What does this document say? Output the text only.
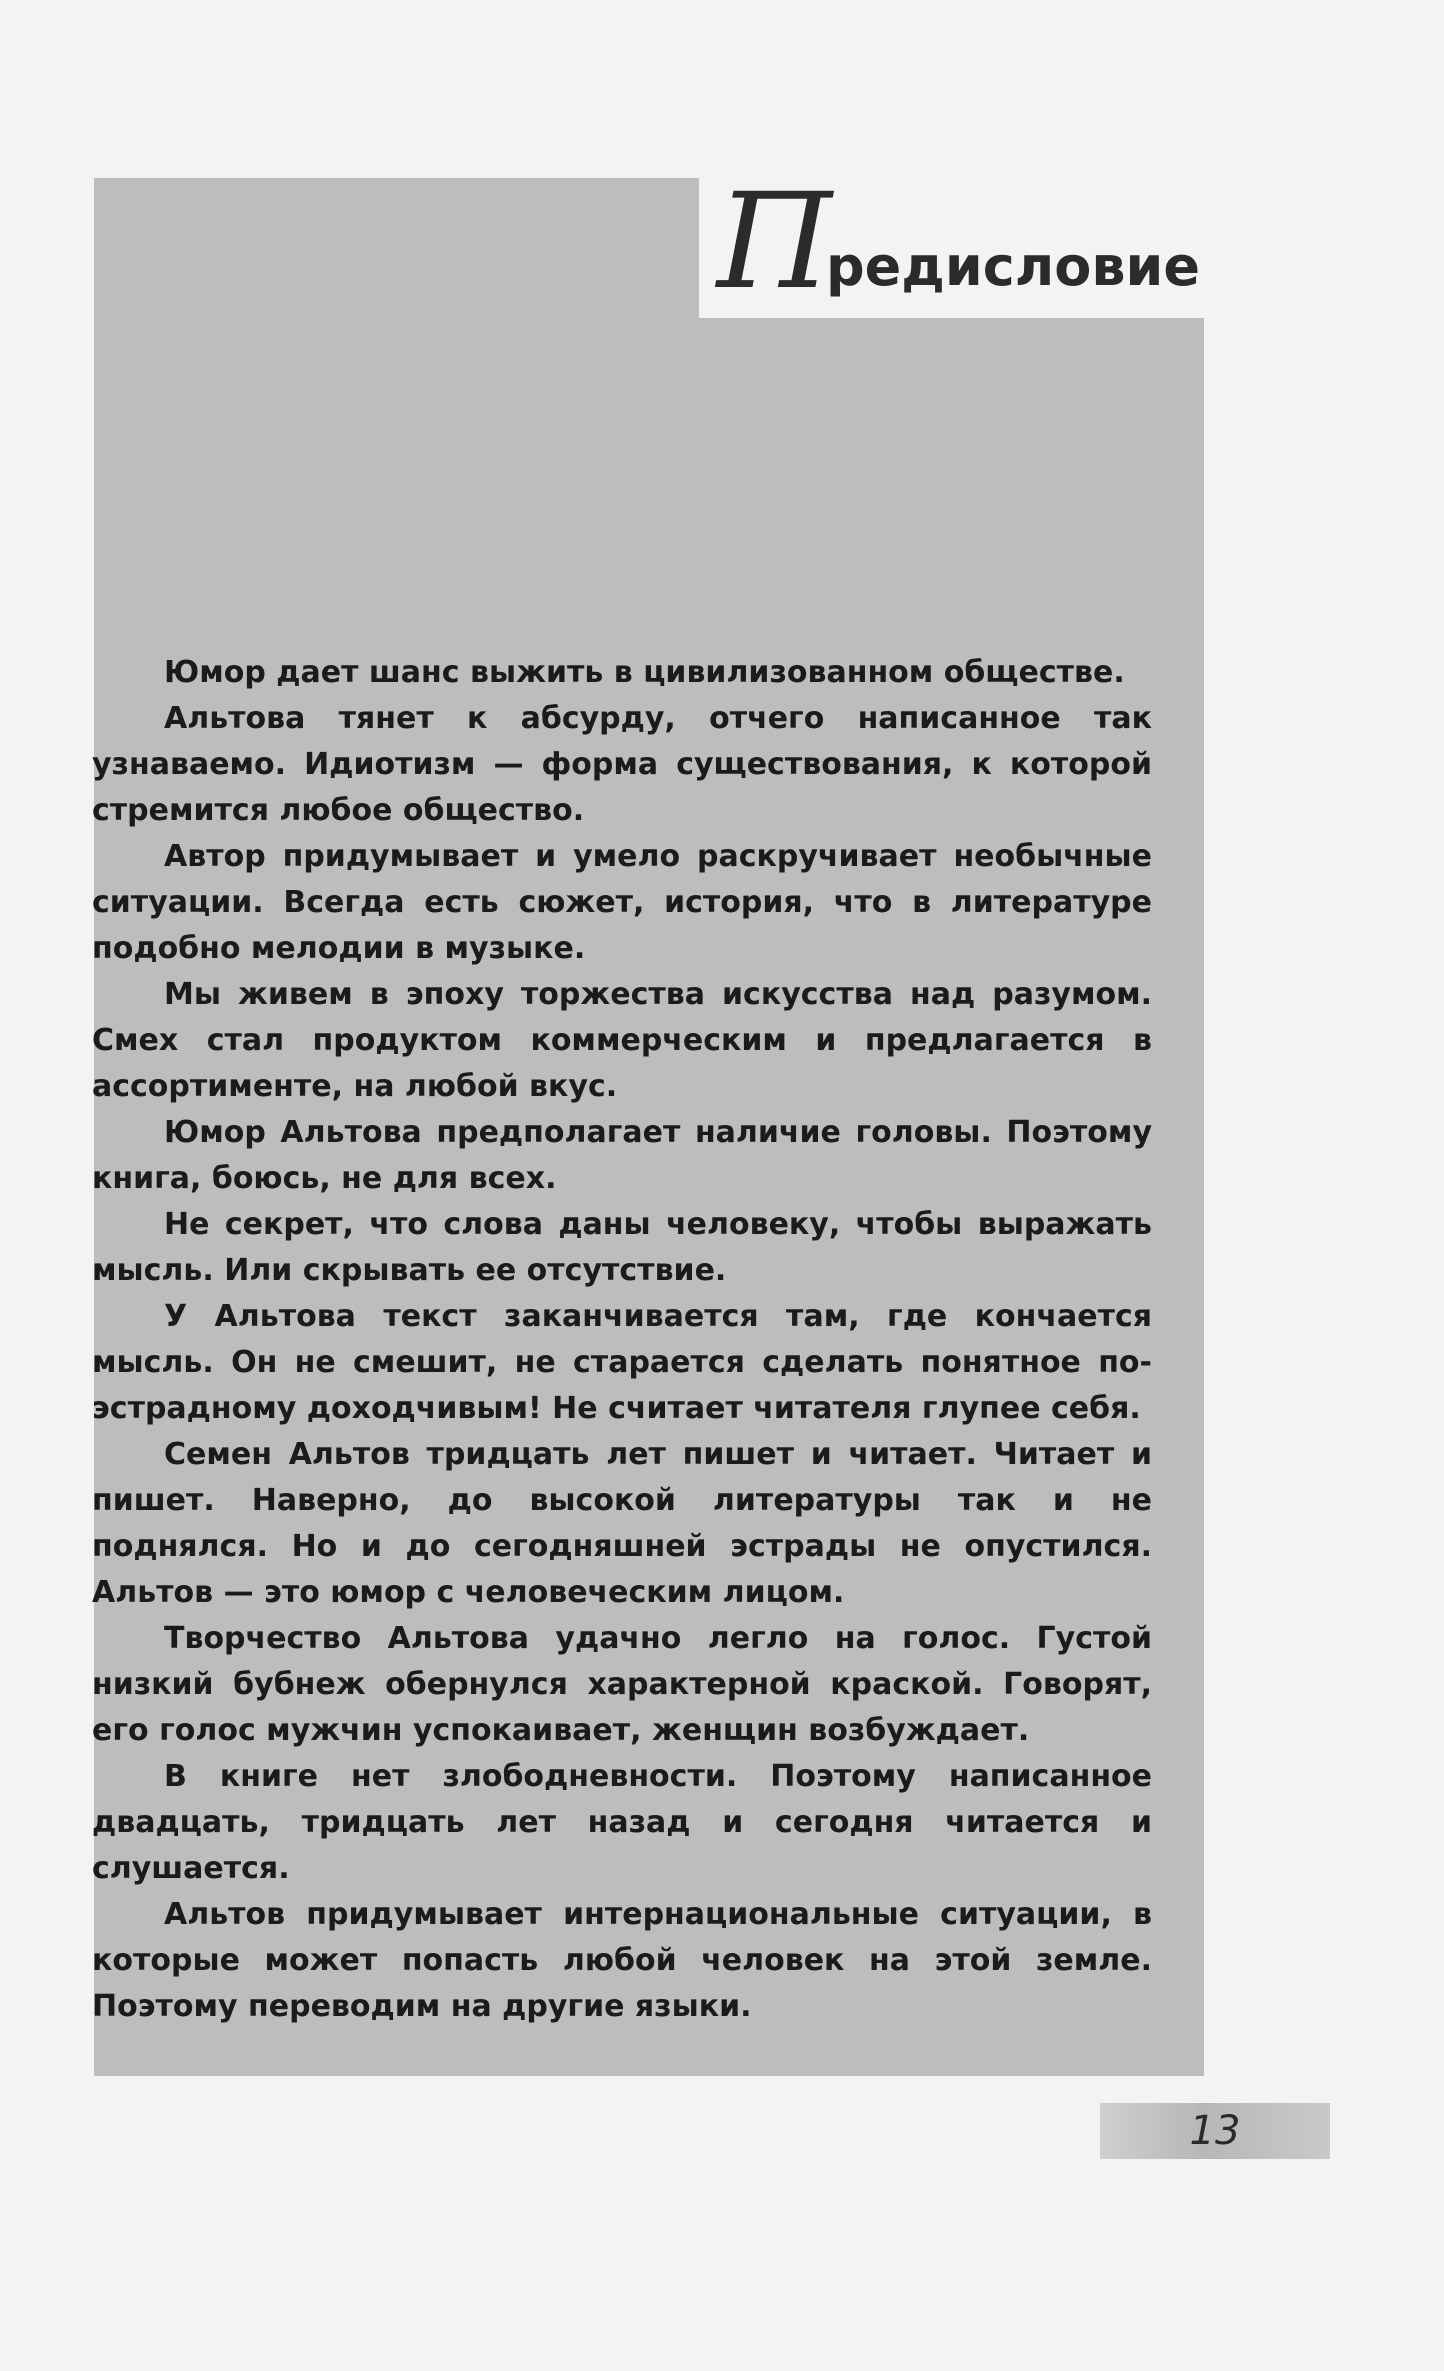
П
редисловие

Юмор дает шанс выжить в цивилизованном обществе.

Альтова тянет к абсурду, отчего написанное так узнаваемо. Идиотизм — форма существования, к которой стремится любое общество.

Автор придумывает и умело раскручивает необычные ситуации. Всегда есть сюжет, история, что в литературе подобно мелодии в музыке.

Мы живем в эпоху торжества искусства над разумом. Смех стал продуктом коммерческим и предлагается в ассортименте, на любой вкус.

Юмор Альтова предполагает наличие головы. Поэтому книга, боюсь, не для всех.

Не секрет, что слова даны человеку, чтобы выражать мысль. Или скрывать ее отсутствие.

У Альтова текст заканчивается там, где кончается мысль. Он не смешит, не старается сделать понятное по-эстрадному доходчивым! Не считает читателя глупее себя.

Семен Альтов тридцать лет пишет и читает. Читает и пишет. Наверно, до высокой литературы так и не поднялся. Но и до сегодняшней эстрады не опустился. Альтов — это юмор с человеческим лицом.

Творчество Альтова удачно легло на голос. Густой низкий бубнеж обернулся характерной краской. Говорят, его голос мужчин успокаивает, женщин возбуждает.

В книге нет злободневности. Поэтому написанное двадцать, тридцать лет назад и сегодня читается и слушается.

Альтов придумывает интернациональные ситуации, в которые может попасть любой человек на этой земле. Поэтому переводим на другие языки.

13
